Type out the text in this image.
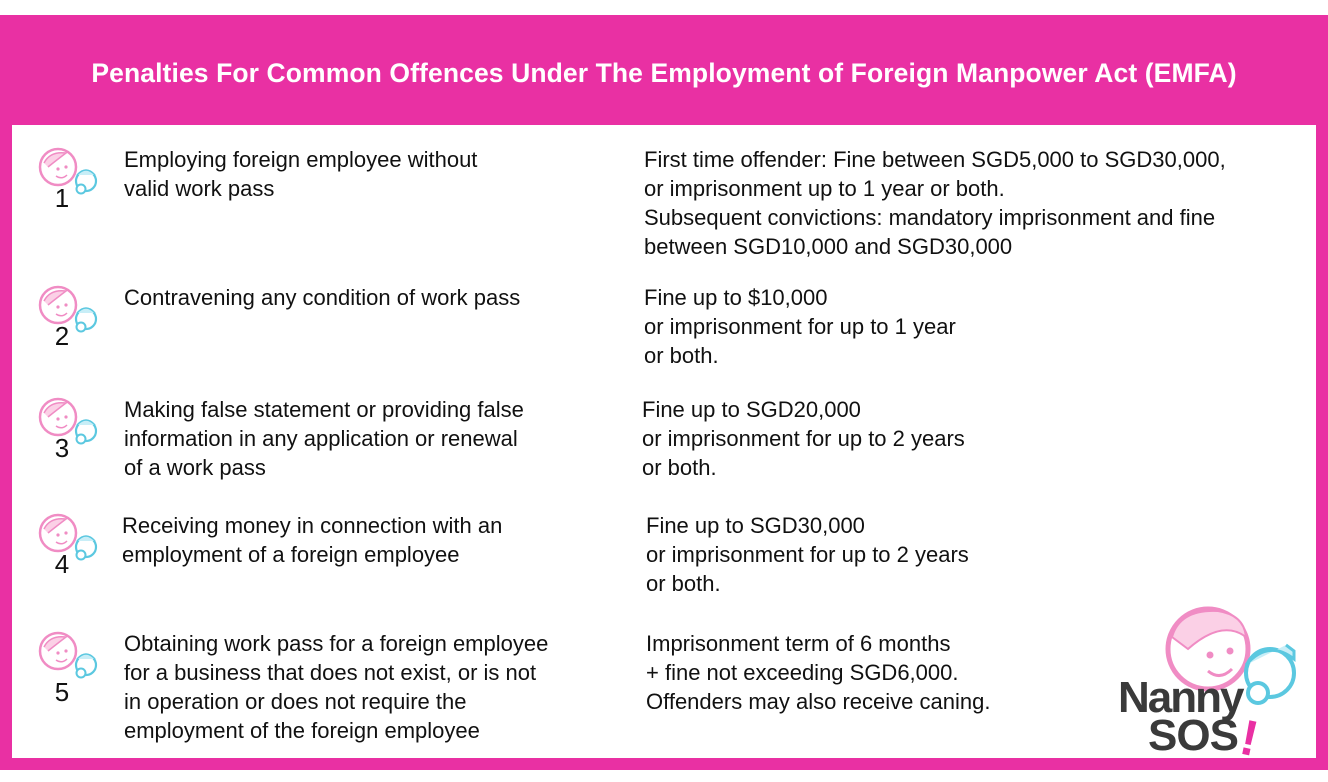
Penalties For Common Offences Under The Employment of Foreign Manpower Act (EMFA)
1
Employing foreign employee without
valid work pass
First time offender: Fine between SGD5,000 to SGD30,000,
or imprisonment up to 1 year or both.
Subsequent convictions: mandatory imprisonment and fine
between SGD10,000 and SGD30,000
2
Contravening any condition of work pass	Fine up to $10,000
or imprisonment for up to 1 year
or both.
3
Making false statement or providing false
information in any application or renewal
of a work pass
Fine up to SGD20,000
or imprisonment for up to 2 years
or both.
4
Receiving money in connection with an
employment of a foreign employee
Fine up to SGD30,000
or imprisonment for up to 2 years
or both.
5
Obtaining work pass for a foreign employee
for a business that does not exist, or is not
in operation or does not require the
employment of the foreign employee
Imprisonment term of 6 months
+ fine not exceeding SGD6,000.
Offenders may also receive caning.	Nanny
SOS
!
